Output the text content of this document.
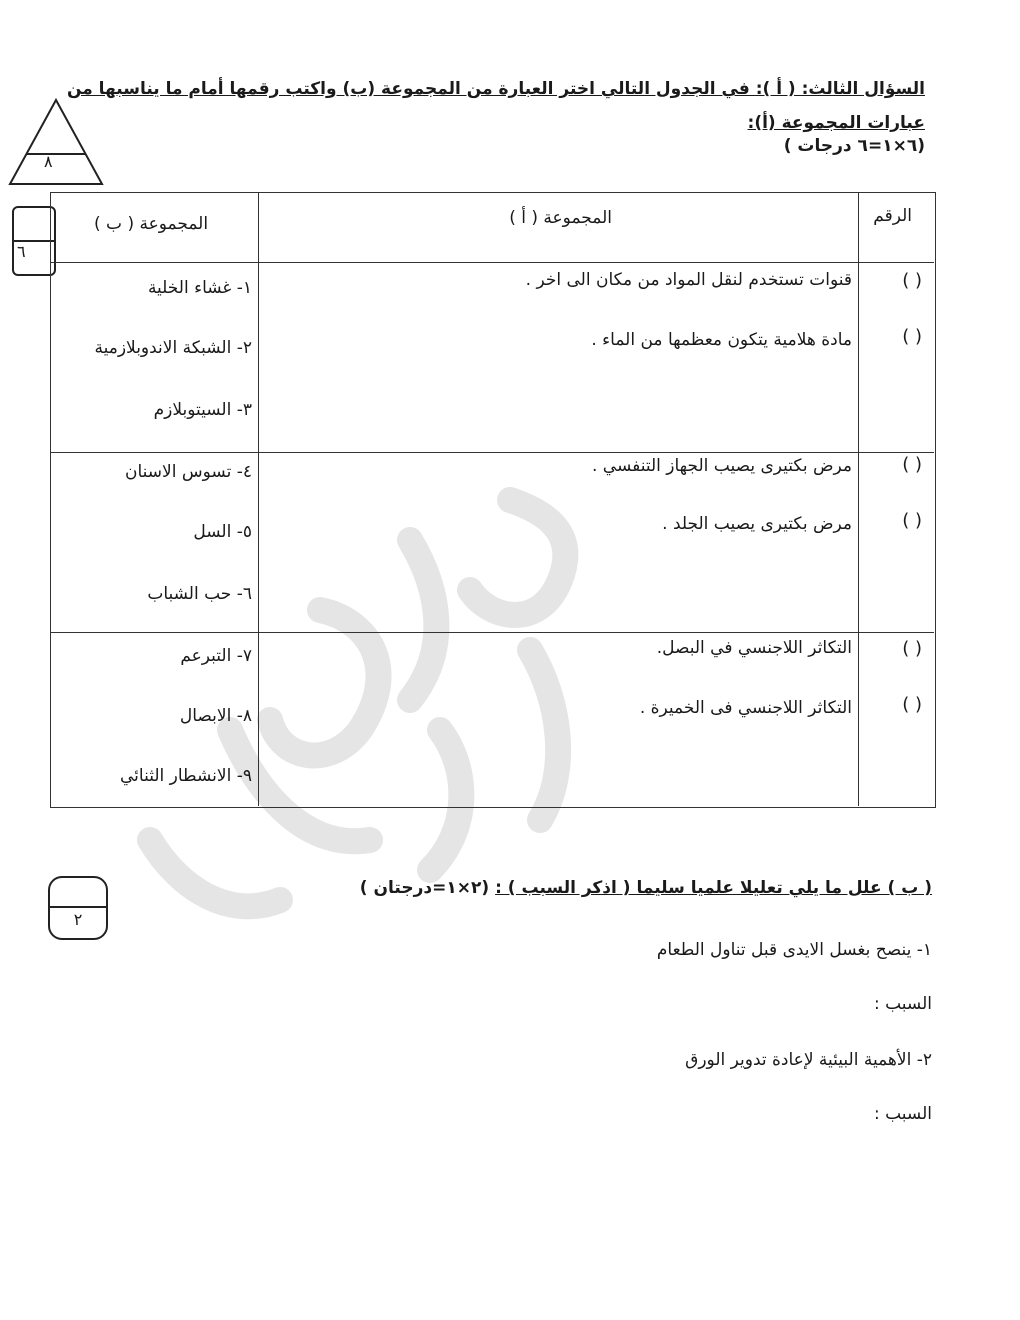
السؤال الثالث: ( أ ): في الجدول التالي اختر العبارة من المجموعة (ب) واكتب رقمها أمام ما يناسبها من عبارات المجموعة (أ):
(٦×١=٦ درجات )
٨
٦
الرقم
المجموعة ( أ )
المجموعة ( ب )
( )
( )
( )
( )
( )
( )
قنوات تستخدم لنقل المواد من مكان الى اخر .
مادة هلامية يتكون معظمها من الماء .
مرض بكتيرى يصيب الجهاز التنفسي .
مرض بكتيرى يصيب الجلد .
التكاثر اللاجنسي في البصل.
التكاثر اللاجنسي فى الخميرة .
١- غشاء الخلية
٢- الشبكة الاندوبلازمية
٣- السيتوبلازم
٤- تسوس الاسنان
٥- السل
٦- حب الشباب
٧- التبرعم
٨- الابصال
٩- الانشطار الثنائي
( ب ) علل ما يلي تعليلا علميا سليما ( اذكر السبب ) : (٢×١=درجتان )
٢
١- ينصح بغسل الايدى قبل تناول الطعام
السبب :
٢- الأهمية البيئية لإعادة تدوير الورق
السبب :
